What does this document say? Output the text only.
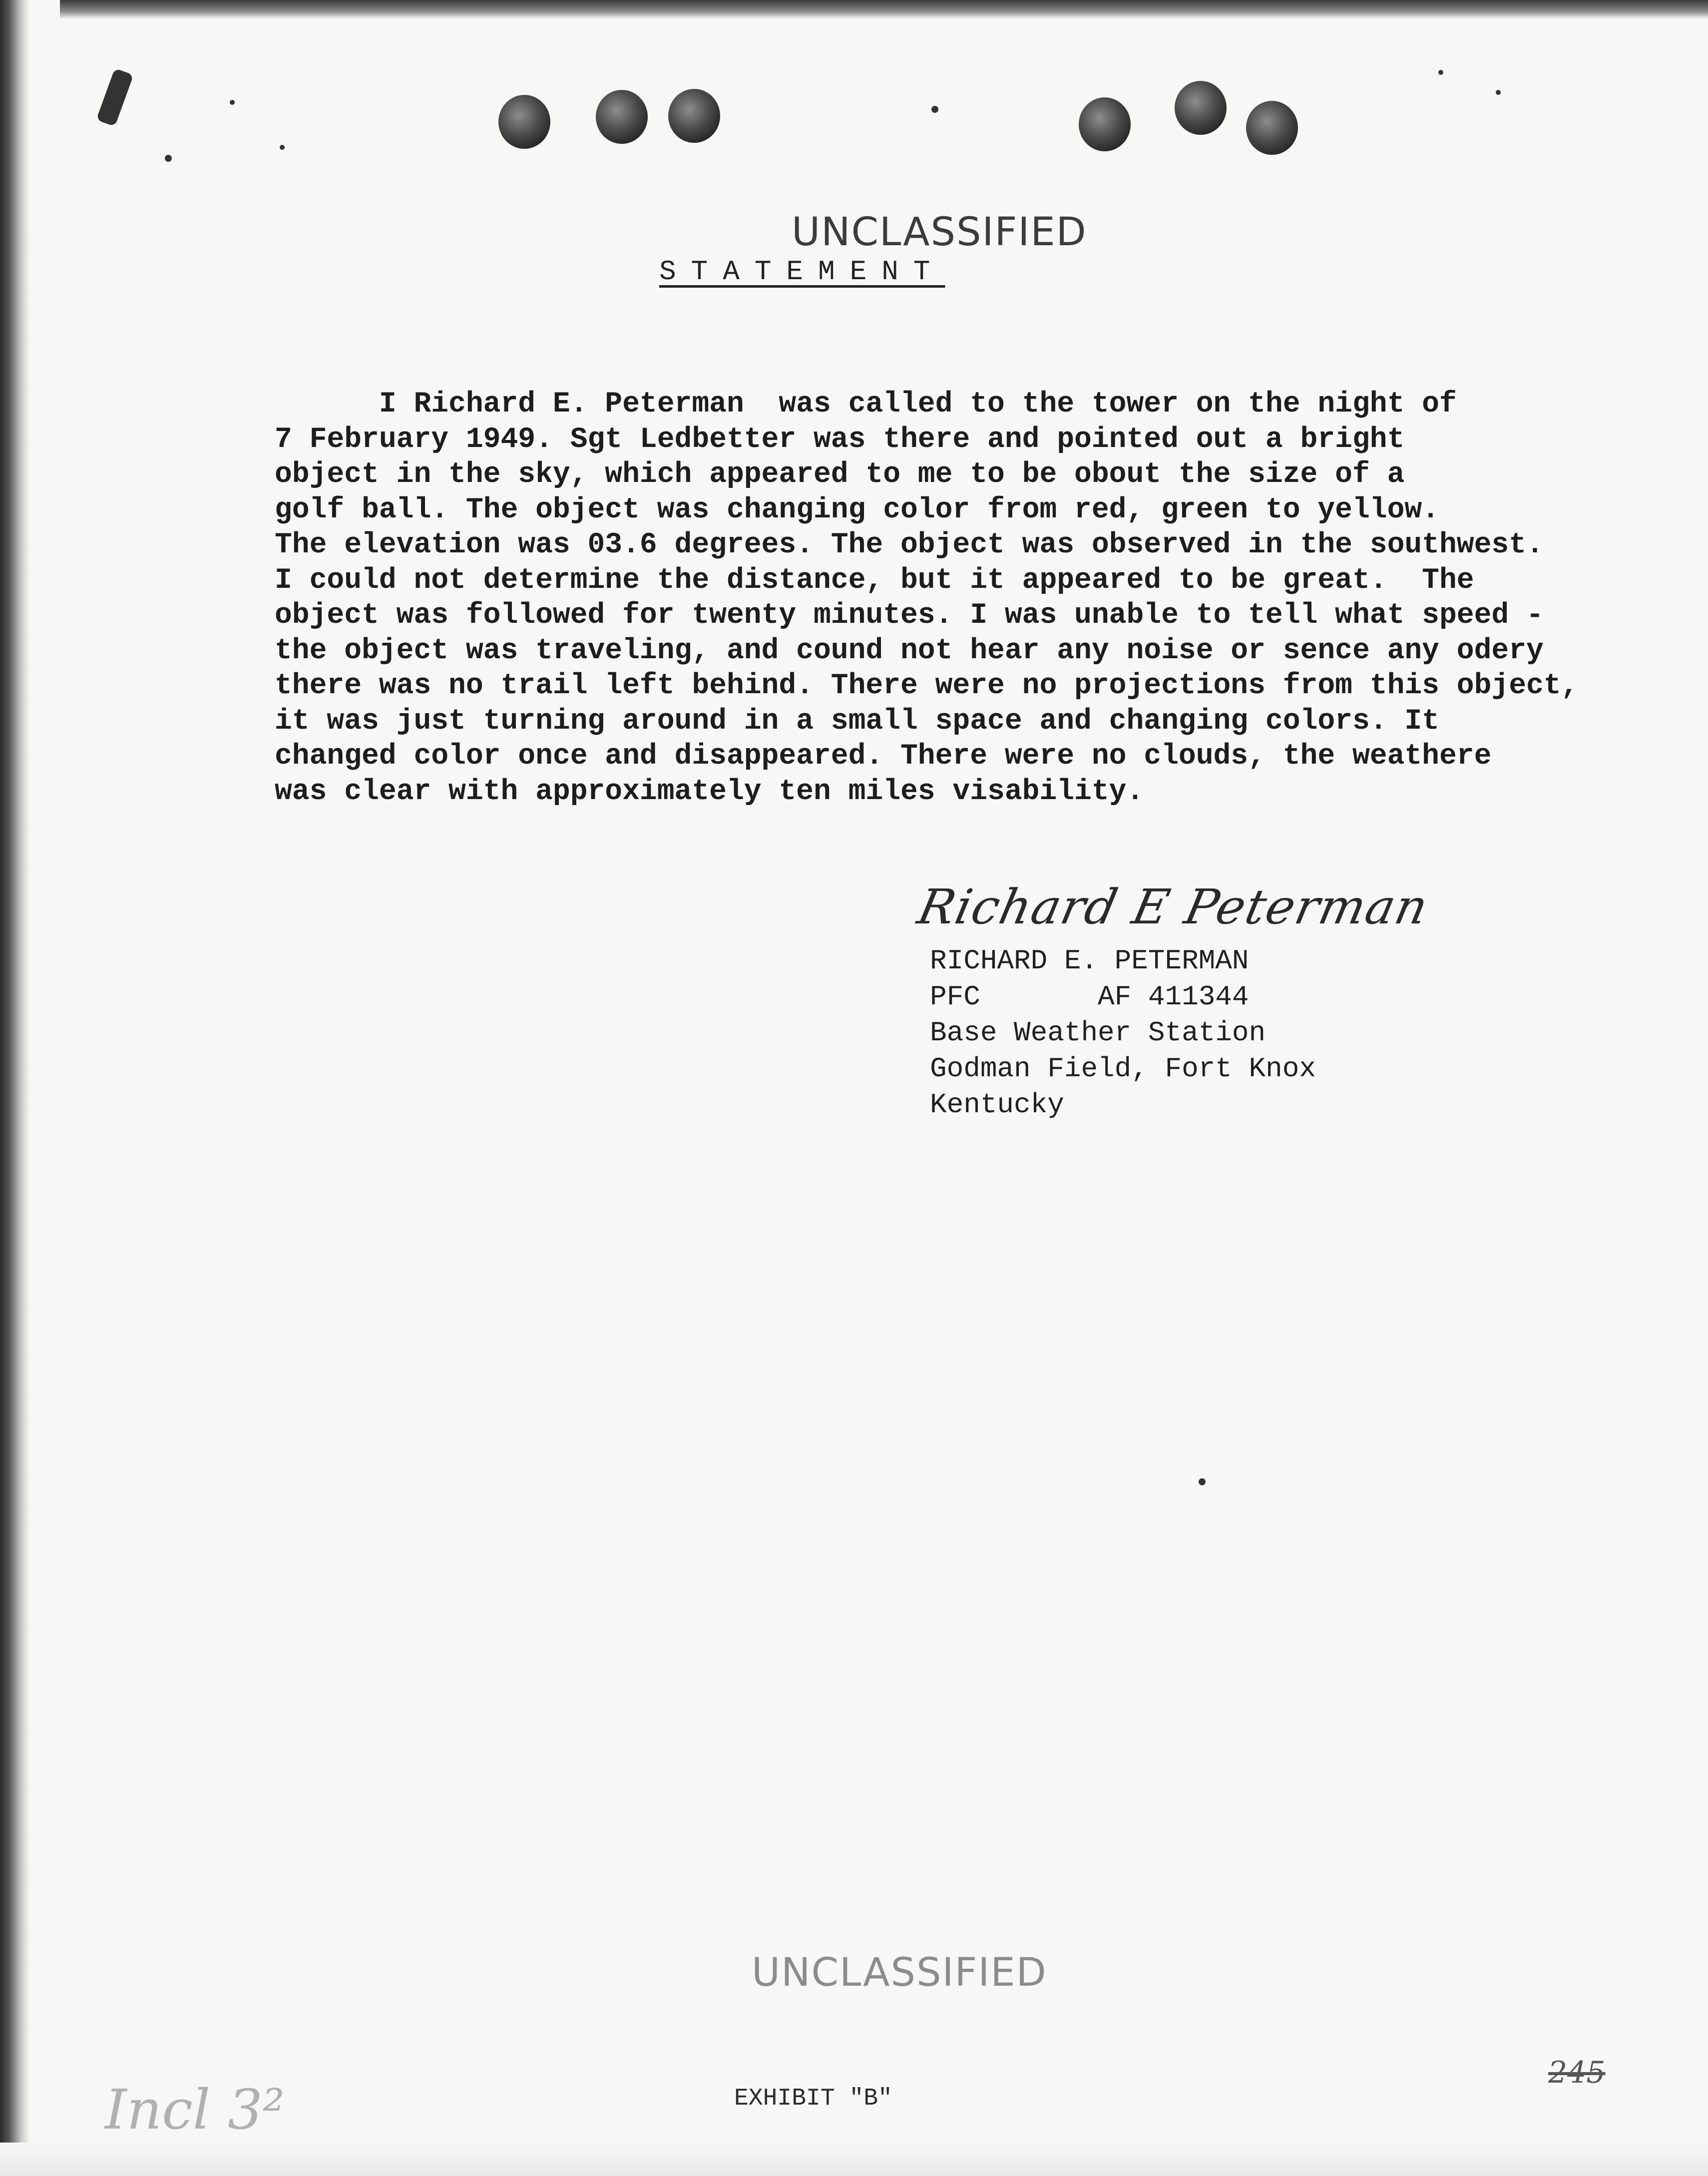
UNCLASSIFIED
STATEMENT
I Richard E. Peterman  was called to the tower on the night of
7 February 1949. Sgt Ledbetter was there and pointed out a bright
object in the sky, which appeared to me to be obout the size of a
golf ball. The object was changing color from red, green to yellow.
The elevation was 03.6 degrees. The object was observed in the southwest.
I could not determine the distance, but it appeared to be great.  The
object was followed for twenty minutes. I was unable to tell what speed -
the object was traveling, and cound not hear any noise or sence any odery
there was no trail left behind. There were no projections from this object,
it was just turning around in a small space and changing colors. It
changed color once and disappeared. There were no clouds, the weathere
was clear with approximately ten miles visability.
Richard E Peterman
RICHARD E. PETERMAN
PFC       AF 411344
Base Weather Station
Godman Field, Fort Knox
Kentucky
UNCLASSIFIED
Incl 3²	EXHIBIT "B"
245
